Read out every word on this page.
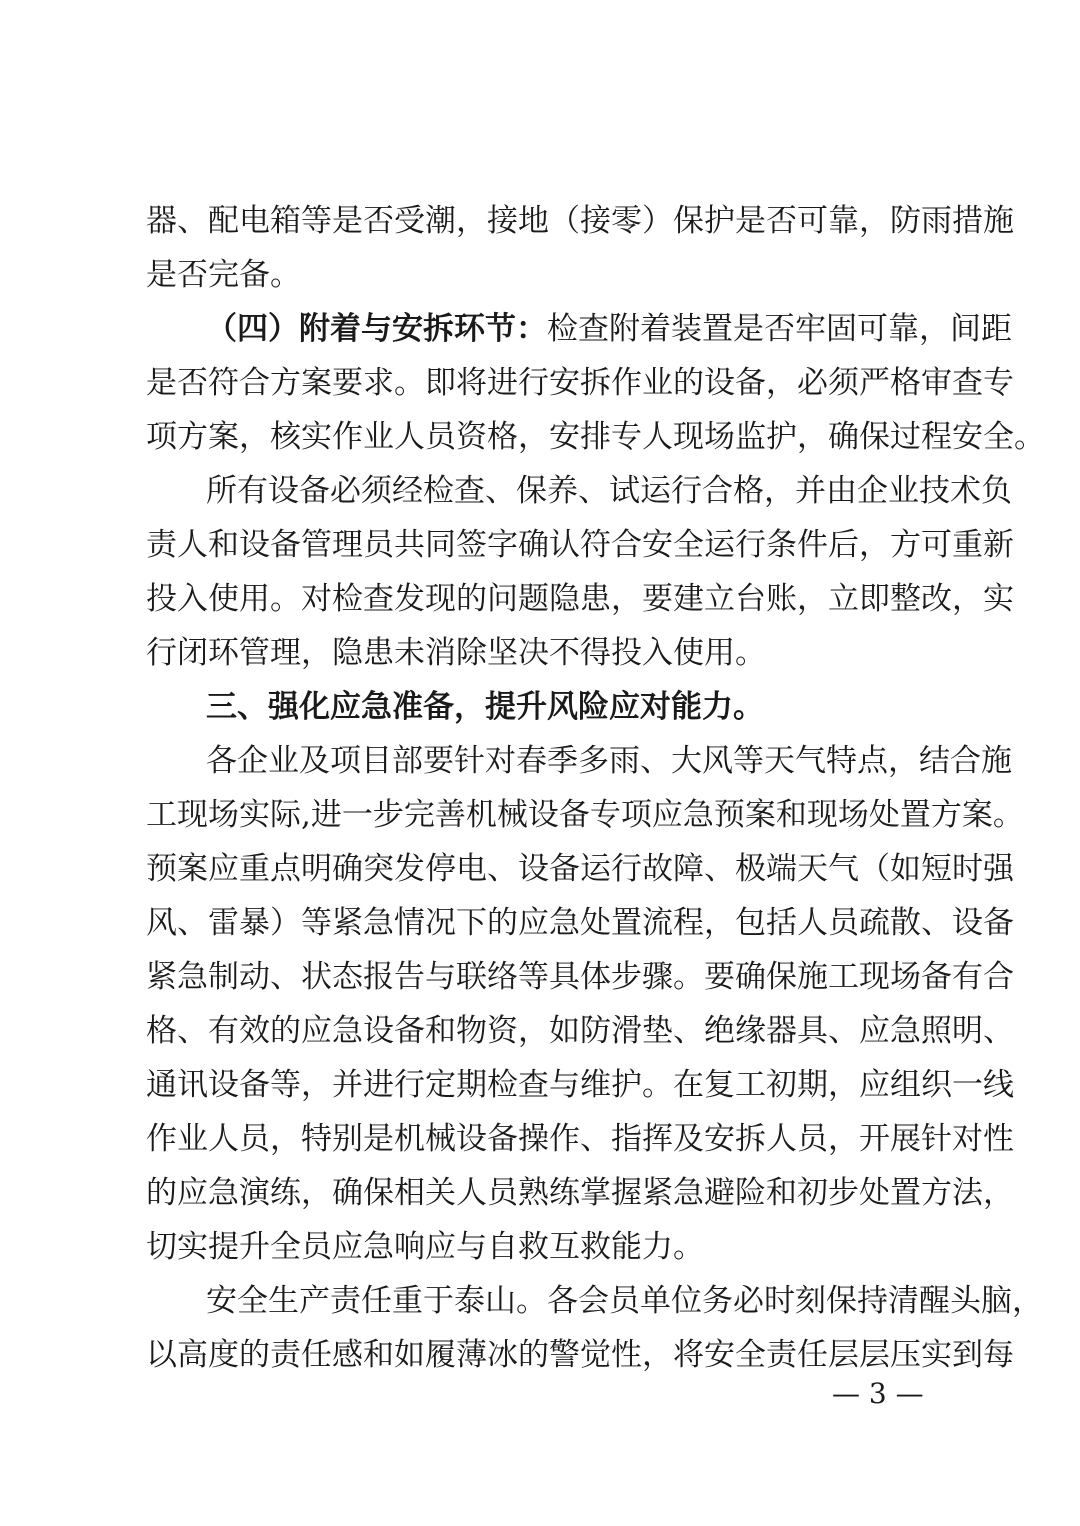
器、配电箱等是否受潮，接地（接零）保护是否可靠，防雨措施
是否完备。
（四）附着与安拆环节：检查附着装置是否牢固可靠，间距
是否符合方案要求。即将进行安拆作业的设备，必须严格审查专
项方案，核实作业人员资格，安排专人现场监护，确保过程安全。
所有设备必须经检查、保养、试运行合格，并由企业技术负
责人和设备管理员共同签字确认符合安全运行条件后，方可重新
投入使用。对检查发现的问题隐患，要建立台账，立即整改，实
行闭环管理，隐患未消除坚决不得投入使用。
三、强化应急准备，提升风险应对能力。
各企业及项目部要针对春季多雨、大风等天气特点，结合施
工现场实际,进一步完善机械设备专项应急预案和现场处置方案。
预案应重点明确突发停电、设备运行故障、极端天气（如短时强
风、雷暴）等紧急情况下的应急处置流程，包括人员疏散、设备
紧急制动、状态报告与联络等具体步骤。要确保施工现场备有合
格、有效的应急设备和物资，如防滑垫、绝缘器具、应急照明、
通讯设备等，并进行定期检查与维护。在复工初期，应组织一线
作业人员，特别是机械设备操作、指挥及安拆人员，开展针对性
的应急演练，确保相关人员熟练掌握紧急避险和初步处置方法，
切实提升全员应急响应与自救互救能力。
安全生产责任重于泰山。各会员单位务必时刻保持清醒头脑，
以高度的责任感和如履薄冰的警觉性，将安全责任层层压实到每
— 3 —
